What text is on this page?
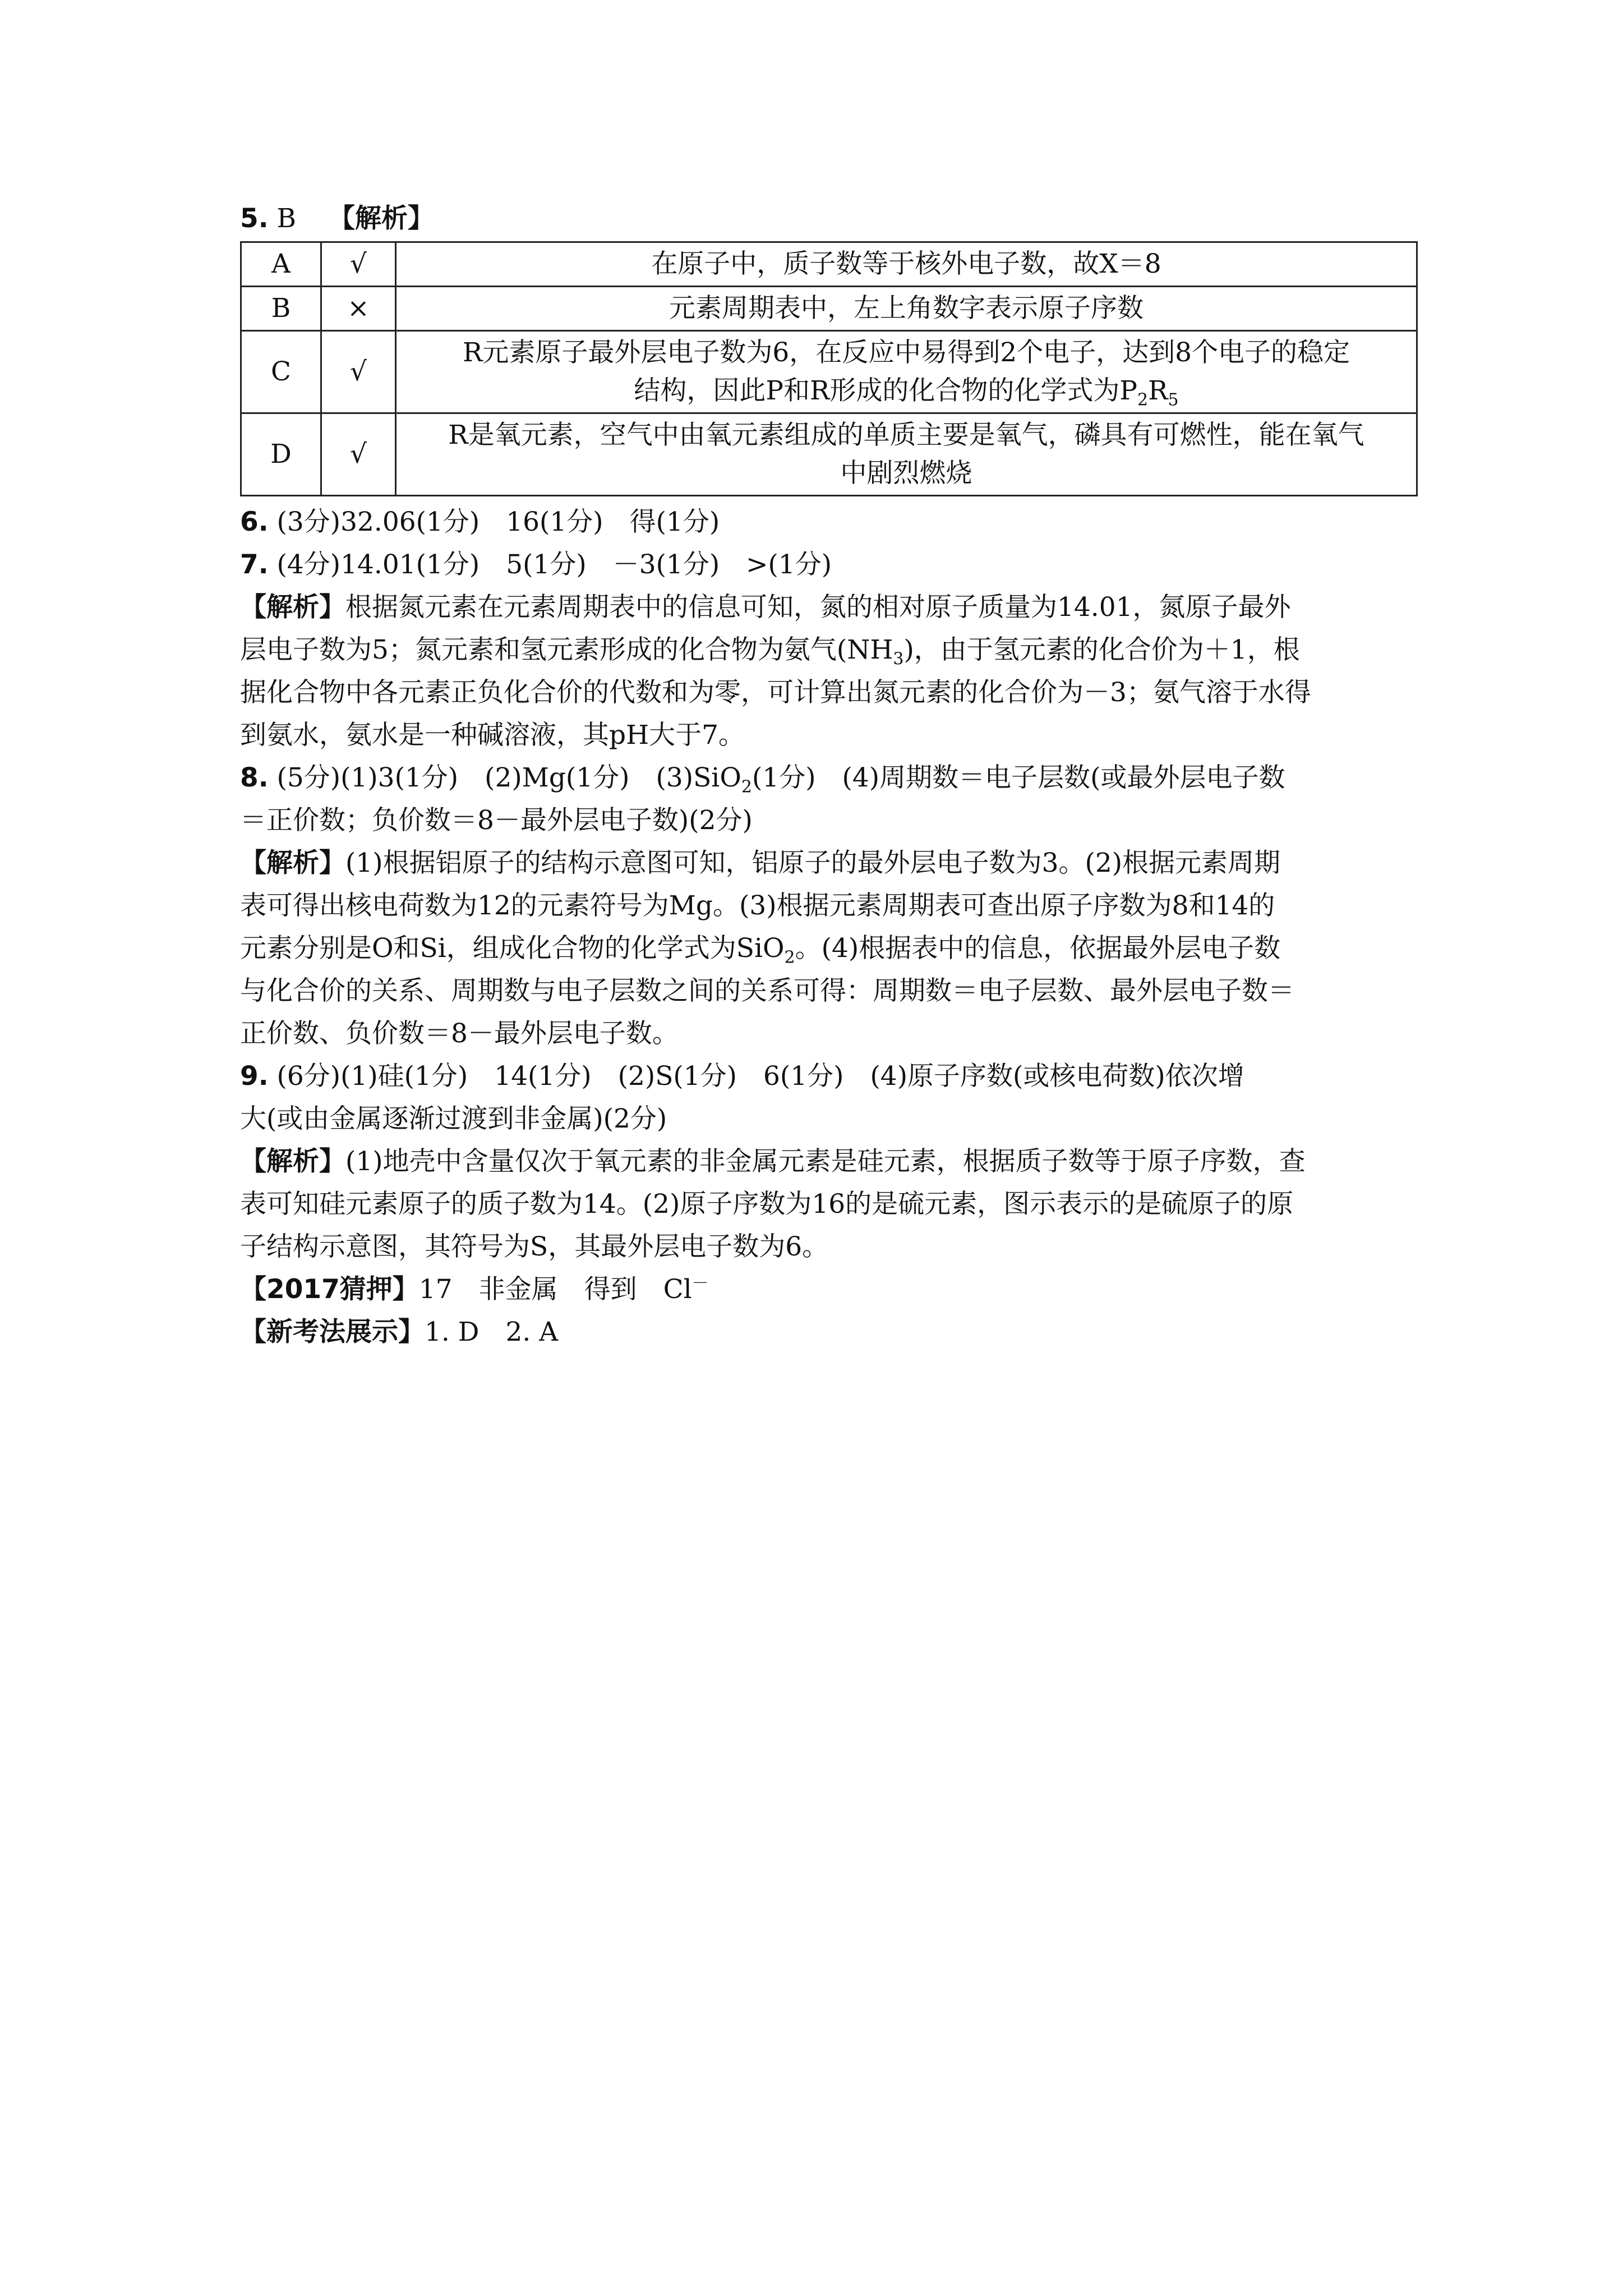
5. B 【解析】
A	√	在原子中，质子数等于核外电子数，故X＝8
B	×	元素周期表中，左上角数字表示原子序数
C	√	R元素原子最外层电子数为6，在反应中易得到2个电子，达到8个电子的稳定
结构，因此P和R形成的化合物的化学式为$P_2R_5$

D	√	R是氧元素，空气中由氧元素组成的单质主要是氧气，磷具有可燃性，能在氧气
中剧烈燃烧
6. (3分)32.06(1分)　16(1分)　得(1分)
7. (4分)14.01(1分)　5(1分)　－3(1分)　>(1分)
【解析】根据氮元素在元素周期表中的信息可知，氮的相对原子质量为14.01，氮原子最外
层电子数为5；氮元素和氢元素形成的化合物为氨气$(NH_3)$，由于氢元素的化合价为＋1，根
据化合物中各元素正负化合价的代数和为零，可计算出氮元素的化合价为－3；氨气溶于水得
到氨水，氨水是一种碱溶液，其pH大于7。
8. (5分)(1)3(1分)　(2)Mg(1分)　(3)SiO$_2$(1分)　(4)周期数＝电子层数(或最外层电子数
＝正价数；负价数＝8－最外层电子数)(2分)
【解析】(1)根据铝原子的结构示意图可知，铝原子的最外层电子数为3。(2)根据元素周期
表可得出核电荷数为12的元素符号为Mg。(3)根据元素周期表可查出原子序数为8和14的
元素分别是O和Si，组成化合物的化学式为SiO$_2$。(4)根据表中的信息，依据最外层电子数
与化合价的关系、周期数与电子层数之间的关系可得：周期数＝电子层数、最外层电子数＝
正价数、负价数＝8－最外层电子数。
9. (6分)(1)硅(1分)　14(1分)　(2)S(1分)　6(1分)　(4)原子序数(或核电荷数)依次增
大(或由金属逐渐过渡到非金属)(2分)
【解析】(1)地壳中含量仅次于氧元素的非金属元素是硅元素，根据质子数等于原子序数，查
表可知硅元素原子的质子数为14。(2)原子序数为16的是硫元素，图示表示的是硫原子的原
子结构示意图，其符号为S，其最外层电子数为6。
【2017猜押】17　非金属　得到　Cl－
【新考法展示】1. D　2. A
